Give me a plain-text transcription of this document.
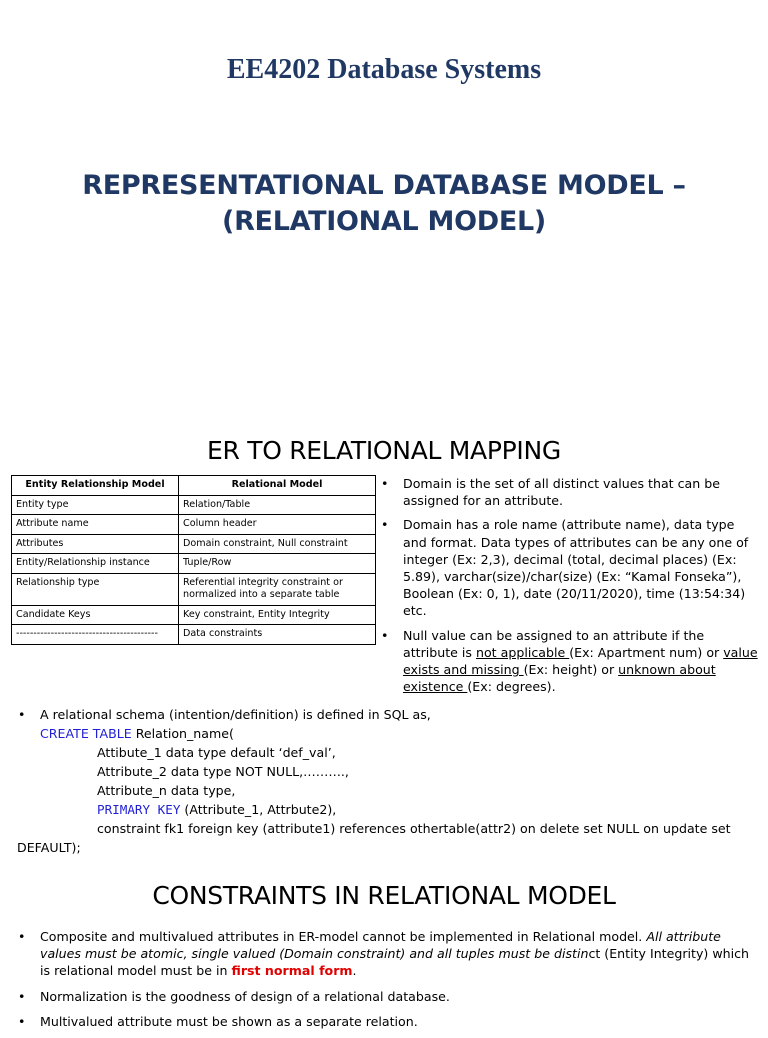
EE4202 Database Systems
REPRESENTATIONAL DATABASE MODEL –
(RELATIONAL MODEL)
ER TO RELATIONAL MAPPING
Entity Relationship Model	Relational Model
Entity type	Relation/Table
Attribute name	Column header
Attributes	Domain constraint, Null constraint
Entity/Relationship instance	Tuple/Row
Relationship type	Referential integrity constraint or normalized into a separate table
Candidate Keys	Key constraint, Entity Integrity
-----------------------------------------	Data constraints
• Domain is the set of all distinct values that can be assigned for an attribute.
• Domain has a role name (attribute name), data type and format. Data types of attributes can be any one of integer (Ex: 2,3), decimal (total, decimal places) (Ex: 5.89), varchar(size)/char(size) (Ex: “Kamal Fonseka”), Boolean (Ex: 0, 1), date (20/11/2020), time (13:54:34) etc.
• Null value can be assigned to an attribute if the attribute is not applicable (Ex: Apartment num) or value exists and missing (Ex: height) or unknown about existence (Ex: degrees).
• A relational schema (intention/definition) is defined in SQL as,
CREATE TABLE Relation_name(
Attibute_1 data type default ‘def_val’,
Attribute_2 data type NOT NULL,……….,
Attribute_n data type,
PRIMARY KEY (Attribute_1, Attrbute2),
constraint fk1 foreign key (attribute1) references othertable(attr2) on delete set NULL on update set
DEFAULT);
CONSTRAINTS IN RELATIONAL MODEL
• Composite and multivalued attributes in ER-model cannot be implemented in Relational model. All attribute values must be atomic, single valued (Domain constraint) and all tuples must be distinct (Entity Integrity) which is relational model must be in first normal form.
• Normalization is the goodness of design of a relational database.
• Multivalued attribute must be shown as a separate relation.
